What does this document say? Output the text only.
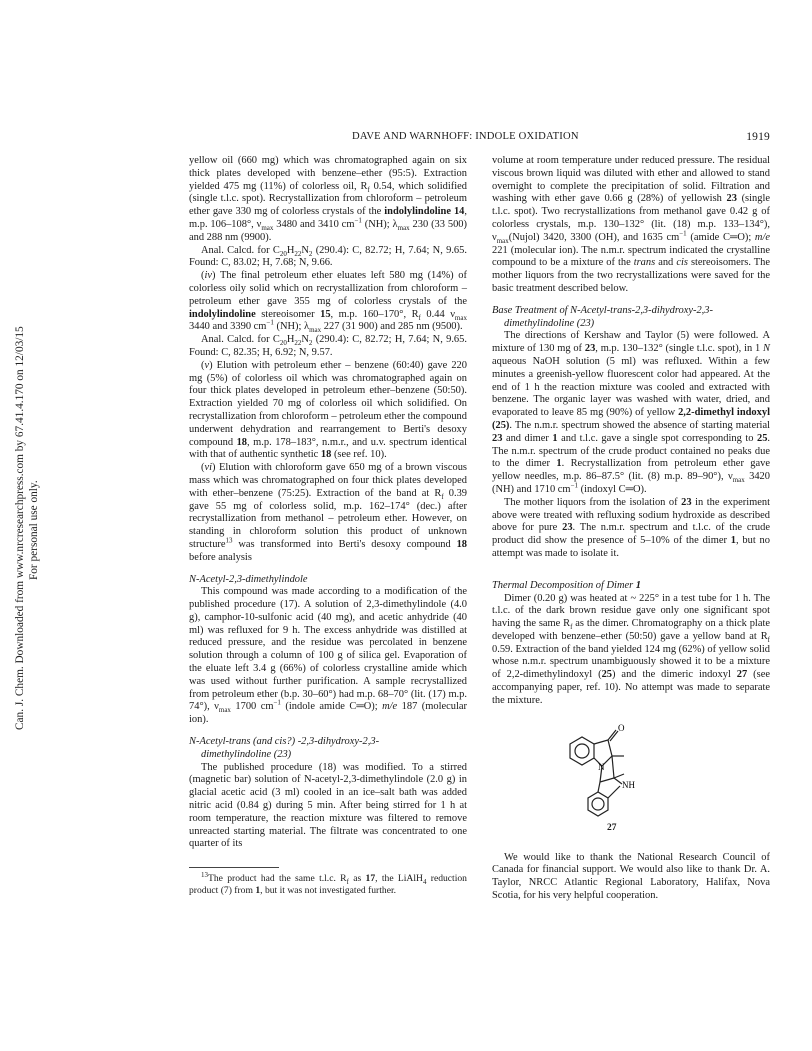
Can. J. Chem. Downloaded from www.nrcresearchpress.com by 67.41.4.170 on 12/03/15 For personal use only.
DAVE AND WARNHOFF: INDOLE OXIDATION	1919

yellow oil (660 mg) which was chromatographed again on six thick plates developed with benzene–ether (95:5). Extraction yielded 475 mg (11%) of colorless oil, $R_f$ 0.54, which solidified (single t.l.c. spot). Recrystallization from chloroform – petroleum ether gave 330 mg of colorless crystals of the indolylindoline 14, m.p. 106–108°, $\nu_{max}$ 3480 and 3410 $cm^{-1}$ (NH); $\lambda_{max}$ 230 (33 500) and 288 nm (9900).

Anal. Calcd. for $C_{20}H_{22}N_2$ (290.4): C, 82.72; H, 7.64; N, 9.65. Found: C, 83.02; H, 7.68; N, 9.66.

(iv) The final petroleum ether eluates left 580 mg (14%) of colorless oily solid which on recrystallization from chloroform – petroleum ether gave 355 mg of colorless crystals of the indolylindoline stereoisomer 15, m.p. 160–170°, $R_f$ 0.44 $\nu_{max}$ 3440 and 3390 $cm^{-1}$ (NH); $\lambda_{max}$ 227 (31 900) and 285 nm (9500).

Anal. Calcd. for $C_{20}H_{22}N_2$ (290.4): C, 82.72; H, 7.64; N, 9.65. Found: C, 82.35; H, 6.92; N, 9.57.

(v) Elution with petroleum ether – benzene (60:40) gave 220 mg (5%) of colorless oil which was chromatographed again on four thick plates developed in petroleum ether–benzene (50:50). Extraction yielded 70 mg of colorless oil which solidified. On recrystallization from chloroform – petroleum ether the compound underwent dehydration and rearrangement to Berti's desoxy compound 18, m.p. 178–183°, n.m.r., and u.v. spectrum identical with that of authentic synthetic 18 (see ref. 10).

(vi) Elution with chloroform gave 650 mg of a brown viscous mass which was chromatographed on four thick plates developed with ether–benzene (75:25). Extraction of the band at $R_f$ 0.39 gave 55 mg of colorless solid, m.p. 162–174° (dec.) after recrystallization from methanol – petroleum ether. However, on standing in chloroform solution this product of unknown structure$^{13}$ was transformed into Berti's desoxy compound 18 before analysis

N-Acetyl-2,3-dimethylindole

This compound was made according to a modification of the published procedure (17). A solution of 2,3-dimethylindole (4.0 g), camphor-10-sulfonic acid (40 mg), and acetic anhydride (40 ml) was refluxed for 9 h. The excess anhydride was distilled at reduced pressure, and the residue was percolated in benzene solution through a column of 100 g of silica gel. Evaporation of the eluate left 3.4 g (66%) of colorless crystalline amide which was used without further purification. A sample recrystallized from petroleum ether (b.p. 30–60°) had m.p. 68–70° (lit. (17) m.p. 74°), $\nu_{max}$ 1700 $cm^{-1}$ (indole amide C═O); m/e 187 (molecular ion).

N-Acetyl-trans (and cis?) -2,3-dihydroxy-2,3-
dimethylindoline (23)

The published procedure (18) was modified. To a stirred (magnetic bar) solution of N-acetyl-2,3-dimethylindole (2.0 g) in glacial acetic acid (3 ml) cooled in an ice–salt bath was added nitric acid (0.84 g) during 5 min. After being stirred for 1 h at room temperature, the reaction mixture was filtered to remove unreacted starting material. The filtrate was concentrated to one quarter of its

$^{13}$The product had the same t.l.c. $R_f$ as 17, the LiAlH$_4$ reduction product (7) from 1, but it was not investigated further.

volume at room temperature under reduced pressure. The residual viscous brown liquid was diluted with ether and allowed to stand overnight to complete the precipitation of solid. Filtration and washing with ether gave 0.66 g (28%) of yellowish 23 (single t.l.c. spot). Two recrystallizations from methanol gave 0.42 g of colorless crystals, m.p. 130–132° (lit. (18) m.p. 133–134°), $\nu_{max}(Nujol)$ 3420, 3300 (OH), and 1635 $cm^{-1}$ (amide C═O); m/e 221 (molecular ion). The n.m.r. spectrum indicated the crystalline compound to be a mixture of the trans and cis stereoisomers. The mother liquors from the two recrystallizations were saved for the basic treatment described below.

Base Treatment of N-Acetyl-trans-2,3-dihydroxy-2,3-
dimethylindoline (23)

The directions of Kershaw and Taylor (5) were followed. A mixture of 130 mg of 23, m.p. 130–132° (single t.l.c. spot), in 1 N aqueous NaOH solution (5 ml) was refluxed. Within a few minutes a greenish-yellow fluorescent color had appeared. At the end of 1 h the reaction mixture was cooled and extracted with benzene. The organic layer was washed with water, dried, and evaporated to leave 85 mg (90%) of yellow 2,2-dimethyl indoxyl (25). The n.m.r. spectrum showed the absence of starting material 23 and dimer 1 and t.l.c. gave a single spot corresponding to 25. The n.m.r. spectrum of the crude product contained no peaks due to the dimer 1. Recrystallization from petroleum ether gave yellow needles, m.p. 86–87.5° (lit. (8) m.p. 89–90°), $\nu_{max}$ 3420 (NH) and 1710 $cm^{-1}$ (indoxyl C═O).

The mother liquors from the isolation of 23 in the experiment above were treated with refluxing sodium hydroxide as described above for pure 23. The n.m.r. spectrum and t.l.c. of the crude product did show the presence of 5–10% of the dimer 1, but no attempt was made to isolate it.

Thermal Decomposition of Dimer 1

Dimer (0.20 g) was heated at ~ 225° in a test tube for 1 h. The t.l.c. of the dark brown residue gave only one significant spot having the same $R_f$ as the dimer. Chromatography on a thick plate developed with benzene–ether (50:50) gave a yellow band at $R_f$ 0.59. Extraction of the band yielded 124 mg (62%) of yellow solid whose n.m.r. spectrum unambiguously showed it to be a mixture of 2,2-dimethylindoxyl (25) and the dimeric indoxyl 27 (see accompanying paper, ref. 10). No attempt was made to separate the mixture.

O
N
NH
27

We would like to thank the National Research Council of Canada for financial support. We would also like to thank Dr. A. Taylor, NRCC Atlantic Regional Laboratory, Halifax, Nova Scotia, for his very helpful cooperation.
